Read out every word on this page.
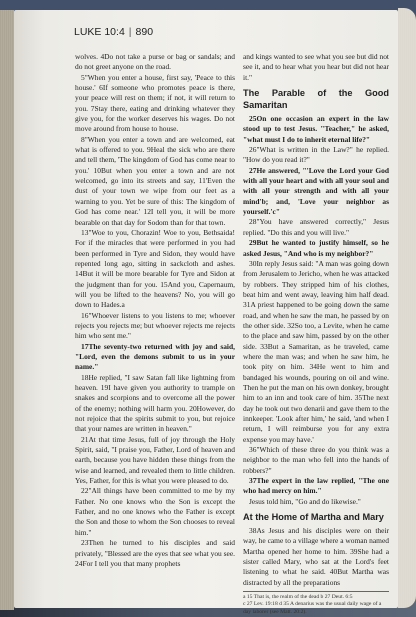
LUKE 10:4 | 890

wolves. 4Do not take a purse or bag or sandals; and do not greet anyone on the road.

5"When you enter a house, first say, 'Peace to this house.' 6If someone who promotes peace is there, your peace will rest on them; if not, it will return to you. 7Stay there, eating and drinking whatever they give you, for the worker deserves his wages. Do not move around from house to house.

8"When you enter a town and are welcomed, eat what is offered to you. 9Heal the sick who are there and tell them, 'The kingdom of God has come near to you.' 10But when you enter a town and are not welcomed, go into its streets and say, 11'Even the dust of your town we wipe from our feet as a warning to you. Yet be sure of this: The kingdom of God has come near.' 12I tell you, it will be more bearable on that day for Sodom than for that town.

13"Woe to you, Chorazin! Woe to you, Bethsaida! For if the miracles that were performed in you had been performed in Tyre and Sidon, they would have repented long ago, sitting in sackcloth and ashes. 14But it will be more bearable for Tyre and Sidon at the judgment than for you. 15And you, Capernaum, will you be lifted to the heavens? No, you will go down to Hades.a

16"Whoever listens to you listens to me; whoever rejects you rejects me; but whoever rejects me rejects him who sent me."

17The seventy-two returned with joy and said, "Lord, even the demons submit to us in your name."

18He replied, "I saw Satan fall like lightning from heaven. 19I have given you authority to trample on snakes and scorpions and to overcome all the power of the enemy; nothing will harm you. 20However, do not rejoice that the spirits submit to you, but rejoice that your names are written in heaven."

21At that time Jesus, full of joy through the Holy Spirit, said, "I praise you, Father, Lord of heaven and earth, because you have hidden these things from the wise and learned, and revealed them to little children. Yes, Father, for this is what you were pleased to do.

22"All things have been committed to me by my Father. No one knows who the Son is except the Father, and no one knows who the Father is except the Son and those to whom the Son chooses to reveal him."

23Then he turned to his disciples and said privately, "Blessed are the eyes that see what you see. 24For I tell you that many prophets

and kings wanted to see what you see but did not see it, and to hear what you hear but did not hear it."

The Parable of the Good Samaritan

25On one occasion an expert in the law stood up to test Jesus. "Teacher," he asked, "what must I do to inherit eternal life?"

26"What is written in the Law?" he replied. "How do you read it?"

27He answered, "'Love the Lord your God with all your heart and with all your soul and with all your strength and with all your mind'b; and, 'Love your neighbor as yourself.'c"

28"You have answered correctly," Jesus replied. "Do this and you will live."

29But he wanted to justify himself, so he asked Jesus, "And who is my neighbor?"

30In reply Jesus said: "A man was going down from Jerusalem to Jericho, when he was attacked by robbers. They stripped him of his clothes, beat him and went away, leaving him half dead. 31A priest happened to be going down the same road, and when he saw the man, he passed by on the other side. 32So too, a Levite, when he came to the place and saw him, passed by on the other side. 33But a Samaritan, as he traveled, came where the man was; and when he saw him, he took pity on him. 34He went to him and bandaged his wounds, pouring on oil and wine. Then he put the man on his own donkey, brought him to an inn and took care of him. 35The next day he took out two denarii and gave them to the innkeeper. 'Look after him,' he said, 'and when I return, I will reimburse you for any extra expense you may have.'

36"Which of these three do you think was a neighbor to the man who fell into the hands of robbers?"

37The expert in the law replied, "The one who had mercy on him."

Jesus told him, "Go and do likewise."

At the Home of Martha and Mary

38As Jesus and his disciples were on their way, he came to a village where a woman named Martha opened her home to him. 39She had a sister called Mary, who sat at the Lord's feet listening to what he said. 40But Martha was distracted by all the preparations

a 15 That is, the realm of the dead b 27 Deut. 6:5
c 27 Lev. 19:18 d 35 A denarius was the usual daily wage of a day laborer (see Matt. 20:2).
